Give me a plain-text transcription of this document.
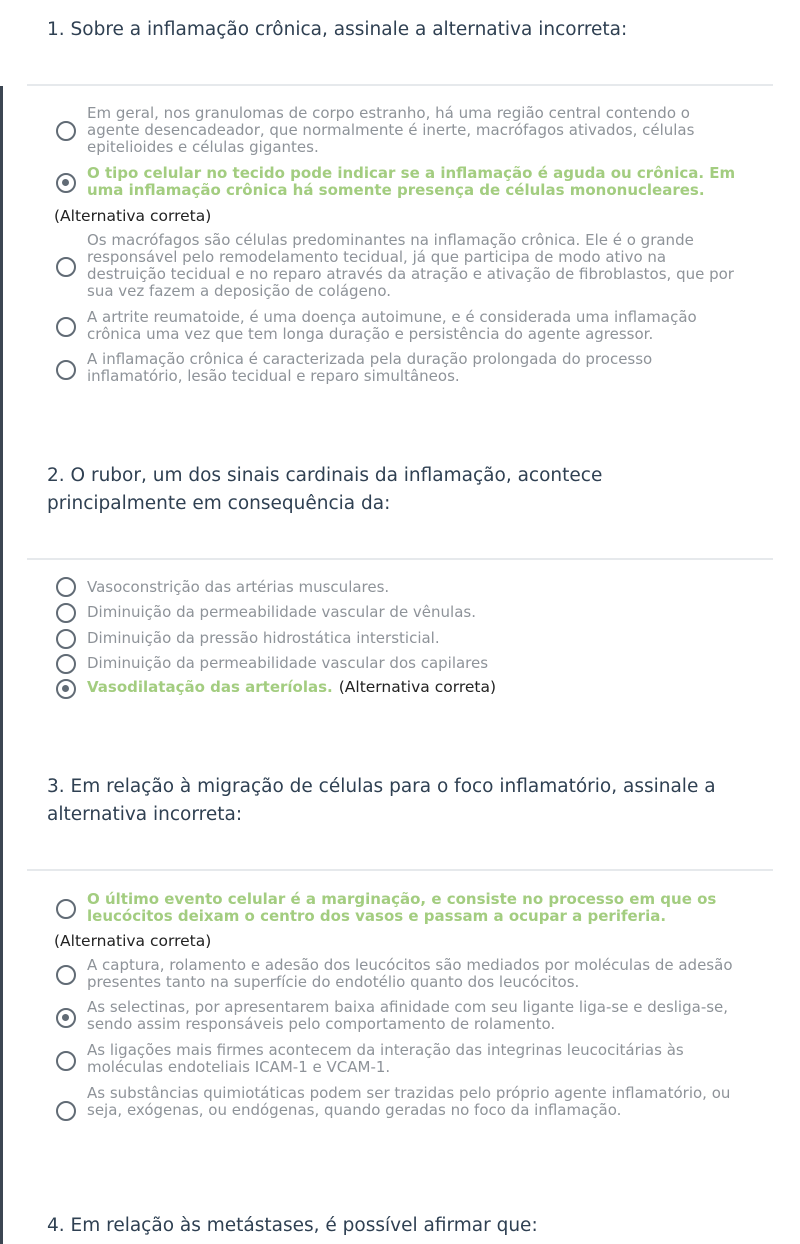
1. Sobre a inflamação crônica, assinale a alternativa incorreta:
Em geral, nos granulomas de corpo estranho, há uma região central contendo o agente desencadeador, que normalmente é inerte, macrófagos ativados, células epitelioides e células gigantes.
O tipo celular no tecido pode indicar se a inflamação é aguda ou crônica. Em uma inflamação crônica há somente presença de células mononucleares.
(Alternativa correta)
Os macrófagos são células predominantes na inflamação crônica. Ele é o grande responsável pelo remodelamento tecidual, já que participa de modo ativo na destruição tecidual e no reparo através da atração e ativação de fibroblastos, que por sua vez fazem a deposição de colágeno.
A artrite reumatoide, é uma doença autoimune, e é considerada uma inflamação crônica uma vez que tem longa duração e persistência do agente agressor.
A inflamação crônica é caracterizada pela duração prolongada do processo inflamatório, lesão tecidual e reparo simultâneos.
2. O rubor, um dos sinais cardinais da inflamação, acontece principalmente em consequência da:
Vasoconstrição das artérias musculares.
Diminuição da permeabilidade vascular de vênulas.
Diminuição da pressão hidrostática intersticial.
Diminuição da permeabilidade vascular dos capilares
Vasodilatação das arteríolas. (Alternativa correta)
3. Em relação à migração de células para o foco inflamatório, assinale a alternativa incorreta:
O último evento celular é a marginação, e consiste no processo em que os leucócitos deixam o centro dos vasos e passam a ocupar a periferia.
(Alternativa correta)
A captura, rolamento e adesão dos leucócitos são mediados por moléculas de adesão presentes tanto na superfície do endotélio quanto dos leucócitos.
As selectinas, por apresentarem baixa afinidade com seu ligante liga-se e desliga-se, sendo assim responsáveis pelo comportamento de rolamento.
As ligações mais firmes acontecem da interação das integrinas leucocitárias às moléculas endoteliais ICAM-1 e VCAM-1.
As substâncias quimiotáticas podem ser trazidas pelo próprio agente inflamatório, ou seja, exógenas, ou endógenas, quando geradas no foco da inflamação.
4. Em relação às metástases, é possível afirmar que:
